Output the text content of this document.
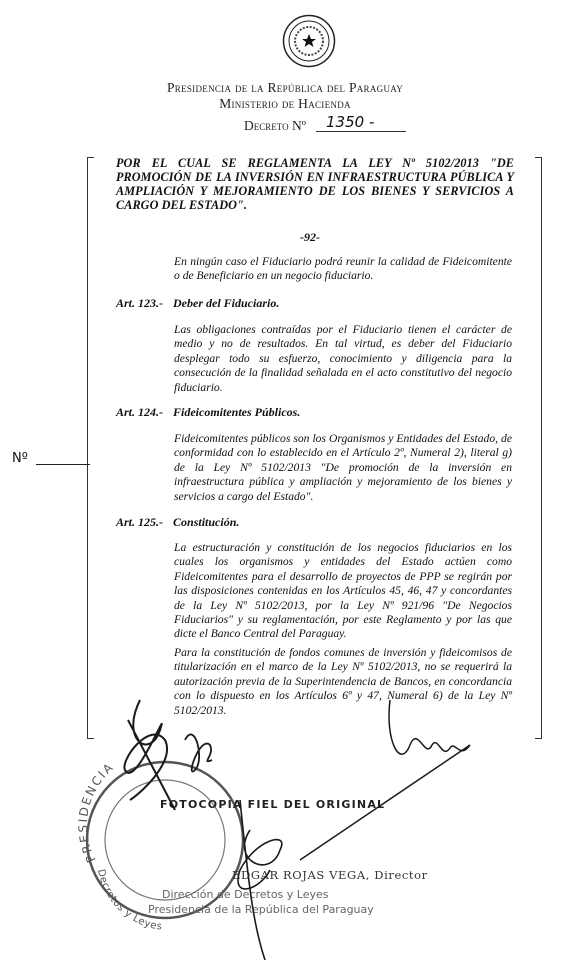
Presidencia de la República del Paraguay
Ministerio de Hacienda
Decreto Nº	1350 -
POR EL CUAL SE REGLAMENTA LA LEY Nº 5102/2013 "DE PROMOCIÓN DE LA INVERSIÓN EN INFRAESTRUCTURA PÚBLICA Y AMPLIACIÓN Y MEJORAMIENTO DE LOS BIENES Y SERVICIOS A CARGO DEL ESTADO".
-92-
En ningún caso el Fiduciario podrá reunir la calidad de Fideicomitente o de Beneficiario en un negocio fiduciario.
Art. 123.- Deber del Fiduciario.
Las obligaciones contraídas por el Fiduciario tienen el carácter de medio y no de resultados. En tal virtud, es deber del Fiduciario desplegar todo su esfuerzo, conocimiento y diligencia para la consecución de la finalidad señalada en el acto constitutivo del negocio fiduciario.
Art. 124.- Fideicomitentes Públicos.
Fideicomitentes públicos son los Organismos y Entidades del Estado, de conformidad con lo establecido en el Artículo 2º, Numeral 2), literal g) de la Ley Nº 5102/2013 "De promoción de la inversión en infraestructura pública y ampliación y mejoramiento de los bienes y servicios a cargo del Estado".
Art. 125.- Constitución.
La estructuración y constitución de los negocios fiduciarios en los cuales los organismos y entidades del Estado actúen como Fideicomitentes para el desarrollo de proyectos de PPP se regirán por las disposiciones contenidas en los Artículos 45, 46, 47 y concordantes de la Ley Nº 5102/2013, por la Ley Nº 921/96 "De Negocios Fiduciarios" y su reglamentación, por este Reglamento y por las que dicte el Banco Central del Paraguay.
Para la constitución de fondos comunes de inversión y fideicomisos de titularización en el marco de la Ley Nº 5102/2013, no se requerirá la autorización previa de la Superintendencia de Bancos, en concordancia con lo dispuesto en los Artículos 6º y 47, Numeral 6) de la Ley Nº 5102/2013.
Nº
PRESIDENCIA
Decretos y Leyes
FOTOCOPIA FIEL DEL ORIGINAL
EDGAR ROJAS VEGA, Director
Dirección de Decretos y Leyes
Presidencia de la República del Paraguay
